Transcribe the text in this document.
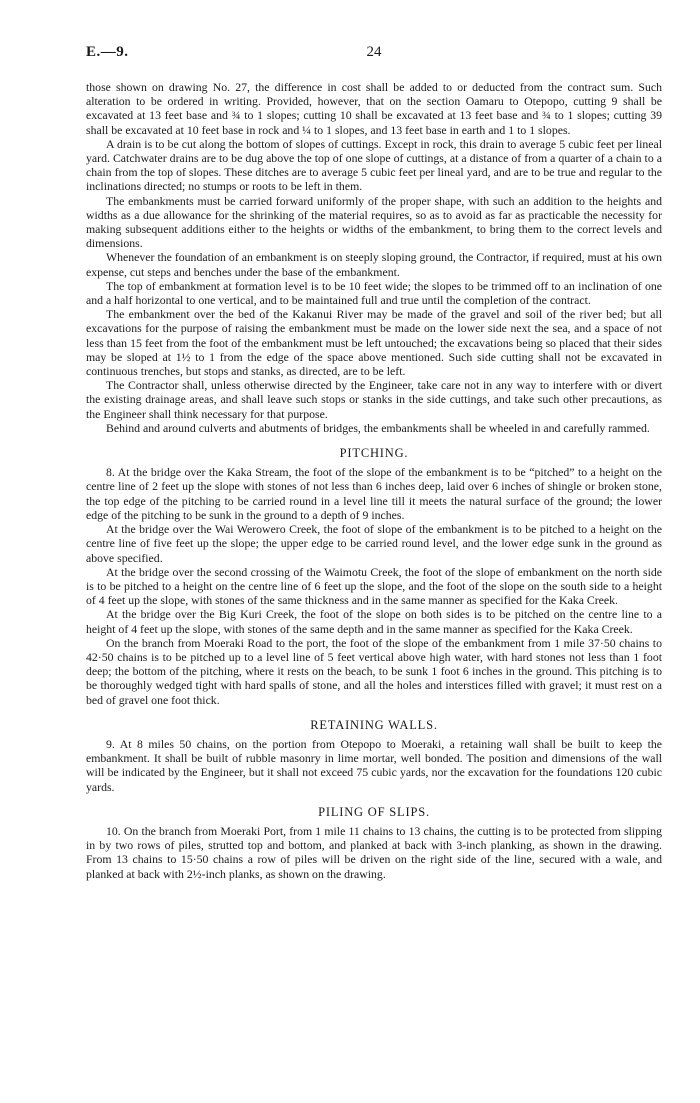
E.—9.	24

those shown on drawing No. 27, the difference in cost shall be added to or deducted from the contract sum. Such alteration to be ordered in writing. Provided, however, that on the section Oamaru to Otepopo, cutting 9 shall be excavated at 13 feet base and ¾ to 1 slopes; cutting 10 shall be excavated at 13 feet base and ¾ to 1 slopes; cutting 39 shall be excavated at 10 feet base in rock and ¼ to 1 slopes, and 13 feet base in earth and 1 to 1 slopes.

A drain is to be cut along the bottom of slopes of cuttings. Except in rock, this drain to average 5 cubic feet per lineal yard. Catchwater drains are to be dug above the top of one slope of cuttings, at a distance of from a quarter of a chain to a chain from the top of slopes. These ditches are to average 5 cubic feet per lineal yard, and are to be true and regular to the inclinations directed; no stumps or roots to be left in them.

The embankments must be carried forward uniformly of the proper shape, with such an addition to the heights and widths as a due allowance for the shrinking of the material requires, so as to avoid as far as practicable the necessity for making subsequent additions either to the heights or widths of the embankment, to bring them to the correct levels and dimensions.

Whenever the foundation of an embankment is on steeply sloping ground, the Contractor, if required, must at his own expense, cut steps and benches under the base of the embankment.

The top of embankment at formation level is to be 10 feet wide; the slopes to be trimmed off to an inclination of one and a half horizontal to one vertical, and to be maintained full and true until the completion of the contract.

The embankment over the bed of the Kakanui River may be made of the gravel and soil of the river bed; but all excavations for the purpose of raising the embankment must be made on the lower side next the sea, and a space of not less than 15 feet from the foot of the embankment must be left untouched; the excavations being so placed that their sides may be sloped at 1½ to 1 from the edge of the space above mentioned. Such side cutting shall not be excavated in continuous trenches, but stops and stanks, as directed, are to be left.

The Contractor shall, unless otherwise directed by the Engineer, take care not in any way to interfere with or divert the existing drainage areas, and shall leave such stops or stanks in the side cuttings, and take such other precautions, as the Engineer shall think necessary for that purpose.

Behind and around culverts and abutments of bridges, the embankments shall be wheeled in and carefully rammed.

PITCHING.

8. At the bridge over the Kaka Stream, the foot of the slope of the embankment is to be “pitched” to a height on the centre line of 2 feet up the slope with stones of not less than 6 inches deep, laid over 6 inches of shingle or broken stone, the top edge of the pitching to be carried round in a level line till it meets the natural surface of the ground; the lower edge of the pitching to be sunk in the ground to a depth of 9 inches.

At the bridge over the Wai Werowero Creek, the foot of slope of the embankment is to be pitched to a height on the centre line of five feet up the slope; the upper edge to be carried round level, and the lower edge sunk in the ground as above specified.

At the bridge over the second crossing of the Waimotu Creek, the foot of the slope of embankment on the north side is to be pitched to a height on the centre line of 6 feet up the slope, and the foot of the slope on the south side to a height of 4 feet up the slope, with stones of the same thickness and in the same manner as specified for the Kaka Creek.

At the bridge over the Big Kuri Creek, the foot of the slope on both sides is to be pitched on the centre line to a height of 4 feet up the slope, with stones of the same depth and in the same manner as specified for the Kaka Creek.

On the branch from Moeraki Road to the port, the foot of the slope of the embankment from 1 mile 37·50 chains to 42·50 chains is to be pitched up to a level line of 5 feet vertical above high water, with hard stones not less than 1 foot deep; the bottom of the pitching, where it rests on the beach, to be sunk 1 foot 6 inches in the ground. This pitching is to be thoroughly wedged tight with hard spalls of stone, and all the holes and interstices filled with gravel; it must rest on a bed of gravel one foot thick.

RETAINING WALLS.

9. At 8 miles 50 chains, on the portion from Otepopo to Moeraki, a retaining wall shall be built to keep the embankment. It shall be built of rubble masonry in lime mortar, well bonded. The position and dimensions of the wall will be indicated by the Engineer, but it shall not exceed 75 cubic yards, nor the excavation for the foundations 120 cubic yards.

PILING OF SLIPS.

10. On the branch from Moeraki Port, from 1 mile 11 chains to 13 chains, the cutting is to be protected from slipping in by two rows of piles, strutted top and bottom, and planked at back with 3-inch planking, as shown in the drawing. From 13 chains to 15·50 chains a row of piles will be driven on the right side of the line, secured with a wale, and planked at back with 2½-inch planks, as shown on the drawing.
